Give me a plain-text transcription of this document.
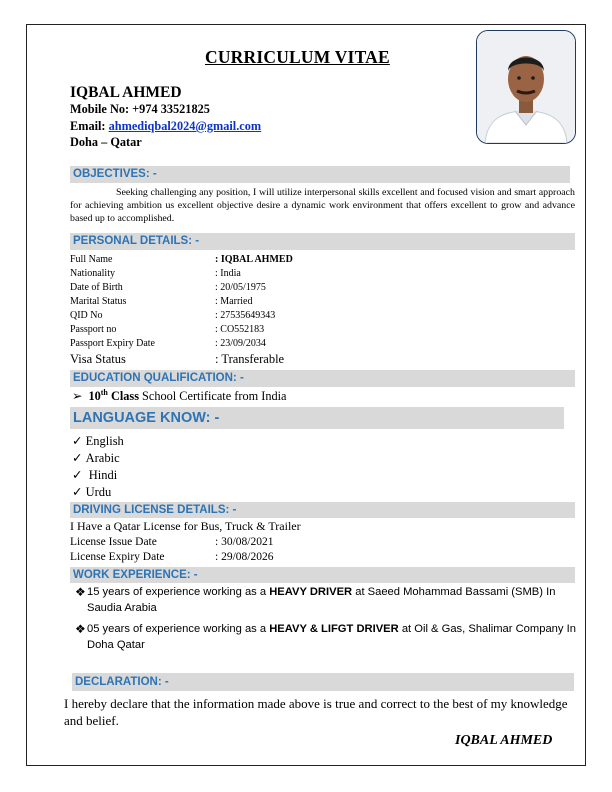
CURRICULUM VITAE
IQBAL AHMED
Mobile No: +974 33521825
Email: ahmediqbal2024@gmail.com
Doha – Qatar
OBJECTIVES: -
Seeking challenging any position, I will utilize interpersonal skills excellent and focused vision and smart approach for achieving ambition us excellent objective desire a dynamic work environment that offers excellent to grow and advance based up to accomplished.
PERSONAL DETAILS: -
Full Name	: IQBAL AHMED
Nationality	: India
Date of Birth	: 20/05/1975
Marital Status	: Married
QID No	: 27535649343
Passport no	: CO552183
Passport Expiry Date	: 23/09/2034
Visa Status	: Transferable
EDUCATION QUALIFICATION: -
➢ 10th Class School Certificate from India
LANGUAGE KNOW: -
✓ English
✓ Arabic
✓  Hindi
✓ Urdu
DRIVING LICENSE DETAILS: -
I Have a Qatar License for Bus, Truck & Trailer
License Issue Date	: 30/08/2021
License Expiry Date	: 29/08/2026
WORK EXPERIENCE: -
❖ 15 years of experience working as a HEAVY DRIVER at Saeed Mohammad Bassami (SMB) In Saudia Arabia
❖ 05 years of experience working as a HEAVY & LIFGT DRIVER at Oil & Gas, Shalimar Company In Doha Qatar
DECLARATION: -
I hereby declare that the information made above is true and correct to the best of my knowledge and belief.
IQBAL AHMED
